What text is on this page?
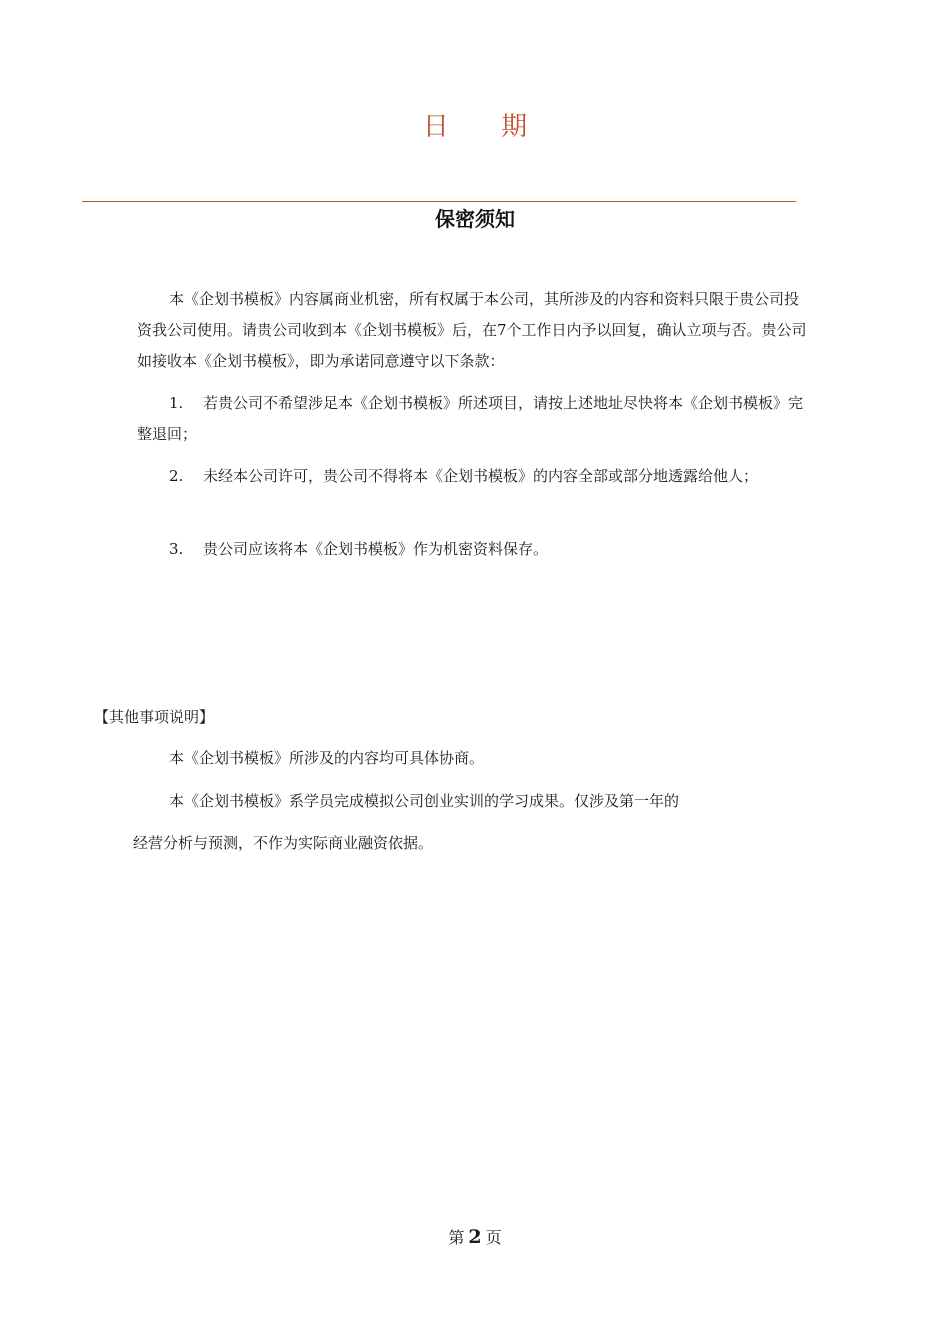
日 期
保密须知
本《企划书模板》内容属商业机密，所有权属于本公司，其所涉及的内容和资料只限于贵公司投资我公司使用。请贵公司收到本《企划书模板》后，在7个工作日内予以回复，确认立项与否。贵公司如接收本《企划书模板》，即为承诺同意遵守以下条款：
1. 若贵公司不希望涉足本《企划书模板》所述项目，请按上述地址尽快将本《企划书模板》完整退回；
2. 未经本公司许可，贵公司不得将本《企划书模板》的内容全部或部分地透露给他人；
3. 贵公司应该将本《企划书模板》作为机密资料保存。
【其他事项说明】
本《企划书模板》所涉及的内容均可具体协商。
本《企划书模板》系学员完成模拟公司创业实训的学习成果。仅涉及第一年的
经营分析与预测，不作为实际商业融资依据。
第 2 页
